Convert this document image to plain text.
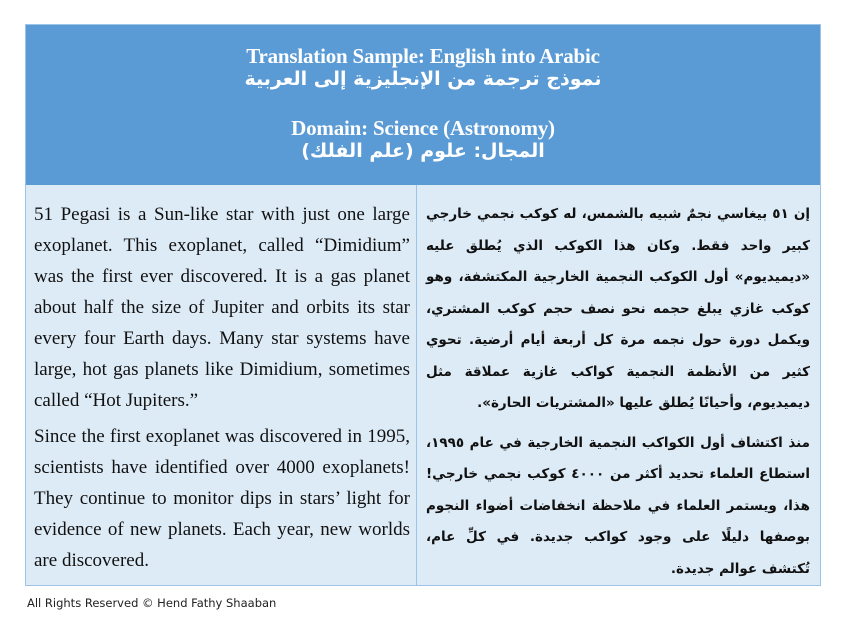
Translation Sample: English into Arabic
نموذج ترجمة من الإنجليزية إلى العربية
Domain: Science (Astronomy)
المجال: علوم (علم الفلك)

51 Pegasi is a Sun-like star with just one large exoplanet. This exoplanet, called “Dimidium” was the first ever discovered. It is a gas planet about half the size of Jupiter and orbits its star every four Earth days. Many star systems have large, hot gas planets like Dimidium, sometimes called “Hot Jupiters.”

Since the first exoplanet was discovered in 1995, scientists have identified over 4000 exoplanets! They continue to monitor dips in stars’ light for evidence of new planets. Each year, new worlds are discovered.

إن ٥١ بيغاسي نجمٌ شبيه بالشمس، له كوكب نجمي خارجي كبير واحد فقط. وكان هذا الكوكب الذي يُطلق عليه «ديميديوم» أول الكوكب النجمية الخارجية المكتشفة، وهو كوكب غازي يبلغ حجمه نحو نصف حجم كوكب المشتري، ويكمل دورة حول نجمه مرة كل أربعة أيام أرضية. تحوي كثير من الأنظمة النجمية كواكب غازية عملاقة مثل ديميديوم، وأحيانًا يُطلق عليها «المشتريات الحارة».

منذ اكتشاف أول الكواكب النجمية الخارجية في عام ١٩٩٥، استطاع العلماء تحديد أكثر من ٤٠٠٠ كوكب نجمي خارجي! هذا، ويستمر العلماء في ملاحظة انخفاضات أضواء النجوم بوصفها دليلًا على وجود كواكب جديدة. في كلِّ عام، تُكتشف عوالم جديدة.

All Rights Reserved © Hend Fathy Shaaban
